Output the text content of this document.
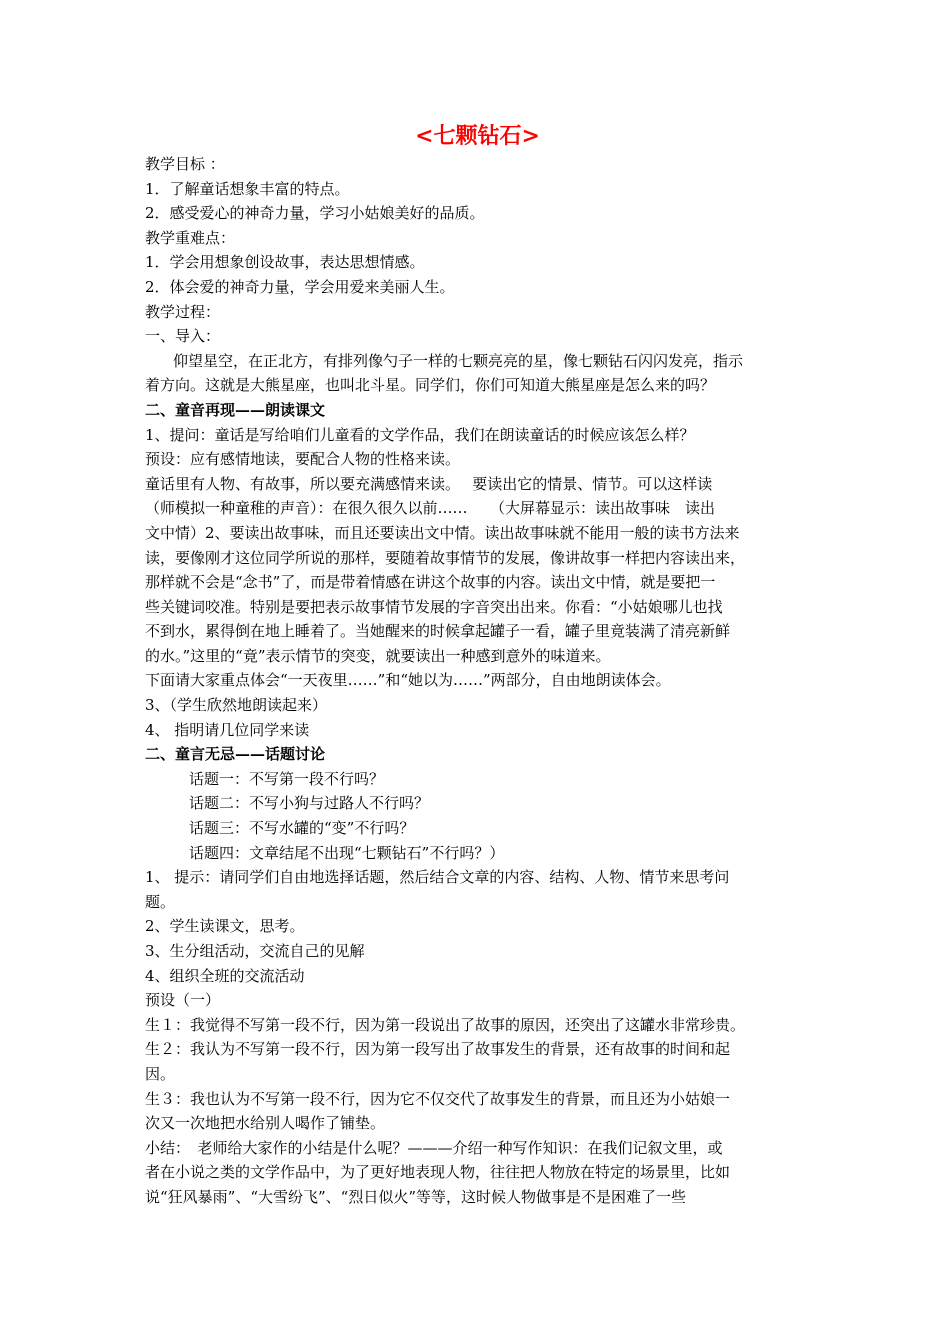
<七颗钻石>

教学目标 ：

1．了解童话想象丰富的特点。

2．感受爱心的神奇力量，学习小姑娘美好的品质。

教学重难点：

1．学会用想象创设故事，表达思想情感。

2．体会爱的神奇力量，学会用爱来美丽人生。

教学过程：

一、导入：

仰望星空，在正北方，有排列像勺子一样的七颗亮亮的星，像七颗钻石闪闪发亮，指示

着方向。这就是大熊星座，也叫北斗星。同学们，你们可知道大熊星座是怎么来的吗？

二、童音再现——朗读课文

1、提问：童话是写给咱们儿童看的文学作品，我们在朗读童话的时候应该怎么样？

预设：应有感情地读，要配合人物的性格来读。

童话里有人物、有故事，所以要充满感情来读。　 要读出它的情景、情节。可以这样读

（师模拟一种童稚的声音）：在很久很久以前……　　（大屏幕显示：读出故事味　读出

文中情）2、要读出故事味，而且还要读出文中情。读出故事味就不能用一般的读书方法来

读，要像刚才这位同学所说的那样，要随着故事情节的发展，像讲故事一样把内容读出来，

那样就不会是“念书”了，而是带着情感在讲这个故事的内容。读出文中情，就是要把一

些关键词咬准。特别是要把表示故事情节发展的字音突出出来。你看：“小姑娘哪儿也找

不到水，累得倒在地上睡着了。当她醒来的时候拿起罐子一看，罐子里竟装满了清亮新鲜

的水。”这里的“竟”表示情节的突变，就要读出一种感到意外的味道来。

下面请大家重点体会“一天夜里……”和“她以为……”两部分，自由地朗读体会。

3、（学生欣然地朗读起来）

4、 指明请几位同学来读

二、童言无忌——话题讨论

话题一：不写第一段不行吗？

话题二：不写小狗与过路人不行吗？

话题三：不写水罐的“变”不行吗？

话题四：文章结尾不出现“七颗钻石”不行吗？）

1、 提示：请同学们自由地选择话题，然后结合文章的内容、结构、人物、情节来思考问

题。

2、学生读课文，思考。

3、生分组活动，交流自己的见解

4、组织全班的交流活动

预设（一）

生１：我觉得不写第一段不行，因为第一段说出了故事的原因，还突出了这罐水非常珍贵。

生２：我认为不写第一段不行，因为第一段写出了故事发生的背景，还有故事的时间和起

因。

生３：我也认为不写第一段不行，因为它不仅交代了故事发生的背景，而且还为小姑娘一

次又一次地把水给别人喝作了铺垫。

小结：　老师给大家作的小结是什么呢？———介绍一种写作知识：在我们记叙文里，或

者在小说之类的文学作品中，为了更好地表现人物，往往把人物放在特定的场景里，比如

说“狂风暴雨”、“大雪纷飞”、“烈日似火”等等，这时候人物做事是不是困难了一些
